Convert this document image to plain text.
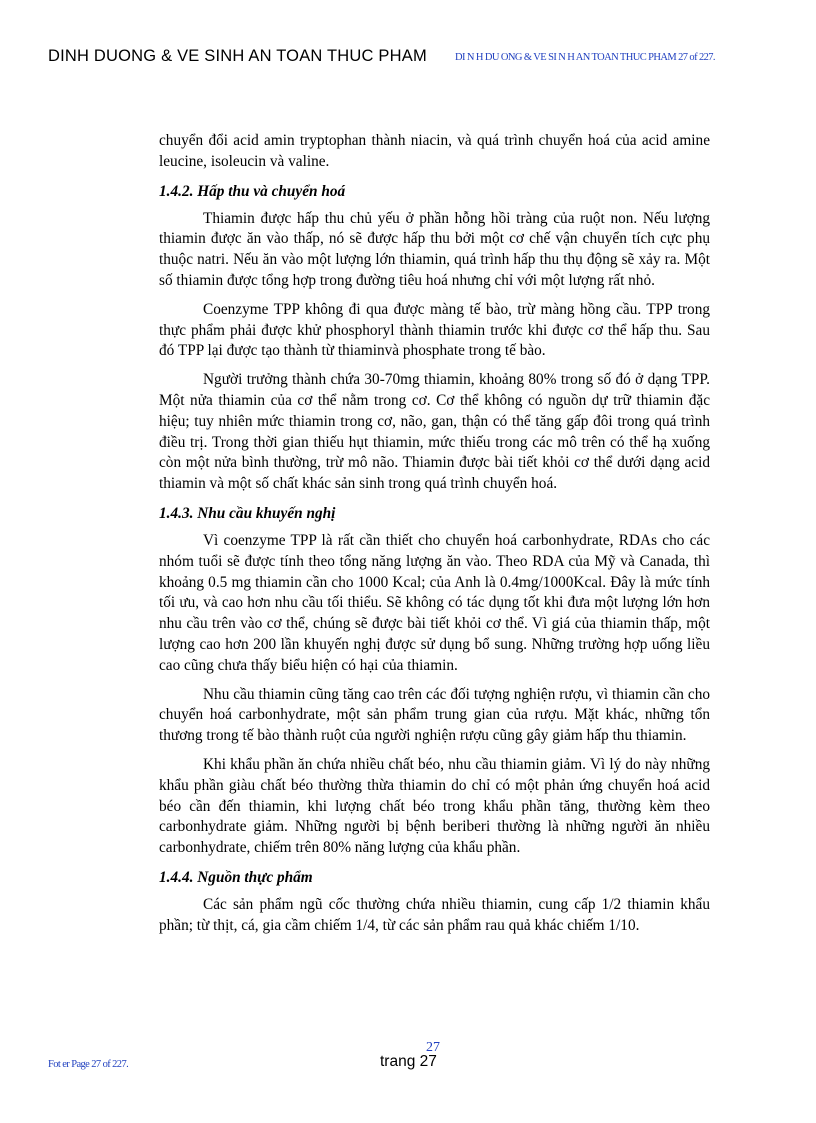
DINH DUONG & VE SINH AN TOAN THUC PHAM	DI N H DU ONG & VE SI N H AN TOAN THUC PHAM 27 of 227.

chuyển đổi acid amin tryptophan thành niacin, và quá trình chuyển hoá của acid amine leucine, isoleucin và valine.

1.4.2. Hấp thu và chuyển hoá

Thiamin được hấp thu chủ yếu ở phần hỗng hồi tràng của ruột non. Nếu lượng thiamin được ăn vào thấp, nó sẽ được hấp thu bởi một cơ chế vận chuyển tích cực phụ thuộc natri. Nếu ăn vào một lượng lớn thiamin, quá trình hấp thu thụ động sẽ xảy ra. Một số thiamin được tổng hợp trong đường tiêu hoá nhưng chỉ với một lượng rất nhỏ.

Coenzyme TPP không đi qua được màng tế bào, trừ màng hồng cầu. TPP trong thực phẩm phải được khử phosphoryl thành thiamin trước khi được cơ thể hấp thu. Sau đó TPP lại được tạo thành từ thiaminvà phosphate trong tế bào.

Người trưởng thành chứa 30-70mg thiamin, khoảng 80% trong số đó ở dạng TPP. Một nửa thiamin của cơ thể nằm trong cơ. Cơ thể không có nguồn dự trữ thiamin đặc hiệu; tuy nhiên mức thiamin trong cơ, não, gan, thận có thể tăng gấp đôi trong quá trình điều trị. Trong thời gian thiếu hụt thiamin, mức thiếu trong các mô trên có thể hạ xuống còn một nửa bình thường, trừ mô não. Thiamin được bài tiết khỏi cơ thể dưới dạng acid thiamin và một số chất khác sản sinh trong quá trình chuyển hoá.

1.4.3. Nhu cầu khuyến nghị

Vì coenzyme TPP là rất cần thiết cho chuyển hoá carbonhydrate, RDAs cho các nhóm tuổi sẽ được tính theo tổng năng lượng ăn vào. Theo RDA của Mỹ và Canada, thì khoảng 0.5 mg thiamin cần cho 1000 Kcal; của Anh là 0.4mg/1000Kcal. Đây là mức tính tối ưu, và cao hơn nhu cầu tối thiểu. Sẽ không có tác dụng tốt khi đưa một lượng lớn hơn nhu cầu trên vào cơ thể, chúng sẽ được bài tiết khỏi cơ thể. Vì giá của thiamin thấp, một lượng cao hơn 200 lần khuyến nghị được sử dụng bổ sung. Những trường hợp uống liều cao cũng chưa thấy biểu hiện có hại của thiamin.

Nhu cầu thiamin cũng tăng cao trên các đối tượng nghiện rượu, vì thiamin cần cho chuyển hoá carbonhydrate, một sản phẩm trung gian của rượu. Mặt khác, những tổn thương trong tế bào thành ruột của người nghiện rượu cũng gây giảm hấp thu thiamin.

Khi khẩu phần ăn chứa nhiều chất béo, nhu cầu thiamin giảm. Vì lý do này những khẩu phần giàu chất béo thường thừa thiamin do chỉ có một phản ứng chuyển hoá acid béo cần đến thiamin, khi lượng chất béo trong khẩu phần tăng, thường kèm theo carbonhydrate giảm. Những người bị bệnh beriberi thường là những người ăn nhiều carbonhydrate, chiếm trên 80% năng lượng của khẩu phần.

1.4.4. Nguồn thực phẩm

Các sản phẩm ngũ cốc thường chứa nhiều thiamin, cung cấp 1/2 thiamin khẩu phần; từ thịt, cá, gia cầm chiếm 1/4, từ các sản phẩm rau quả khác chiếm 1/10.

Fot er Page 27 of 227.
27
trang 27
